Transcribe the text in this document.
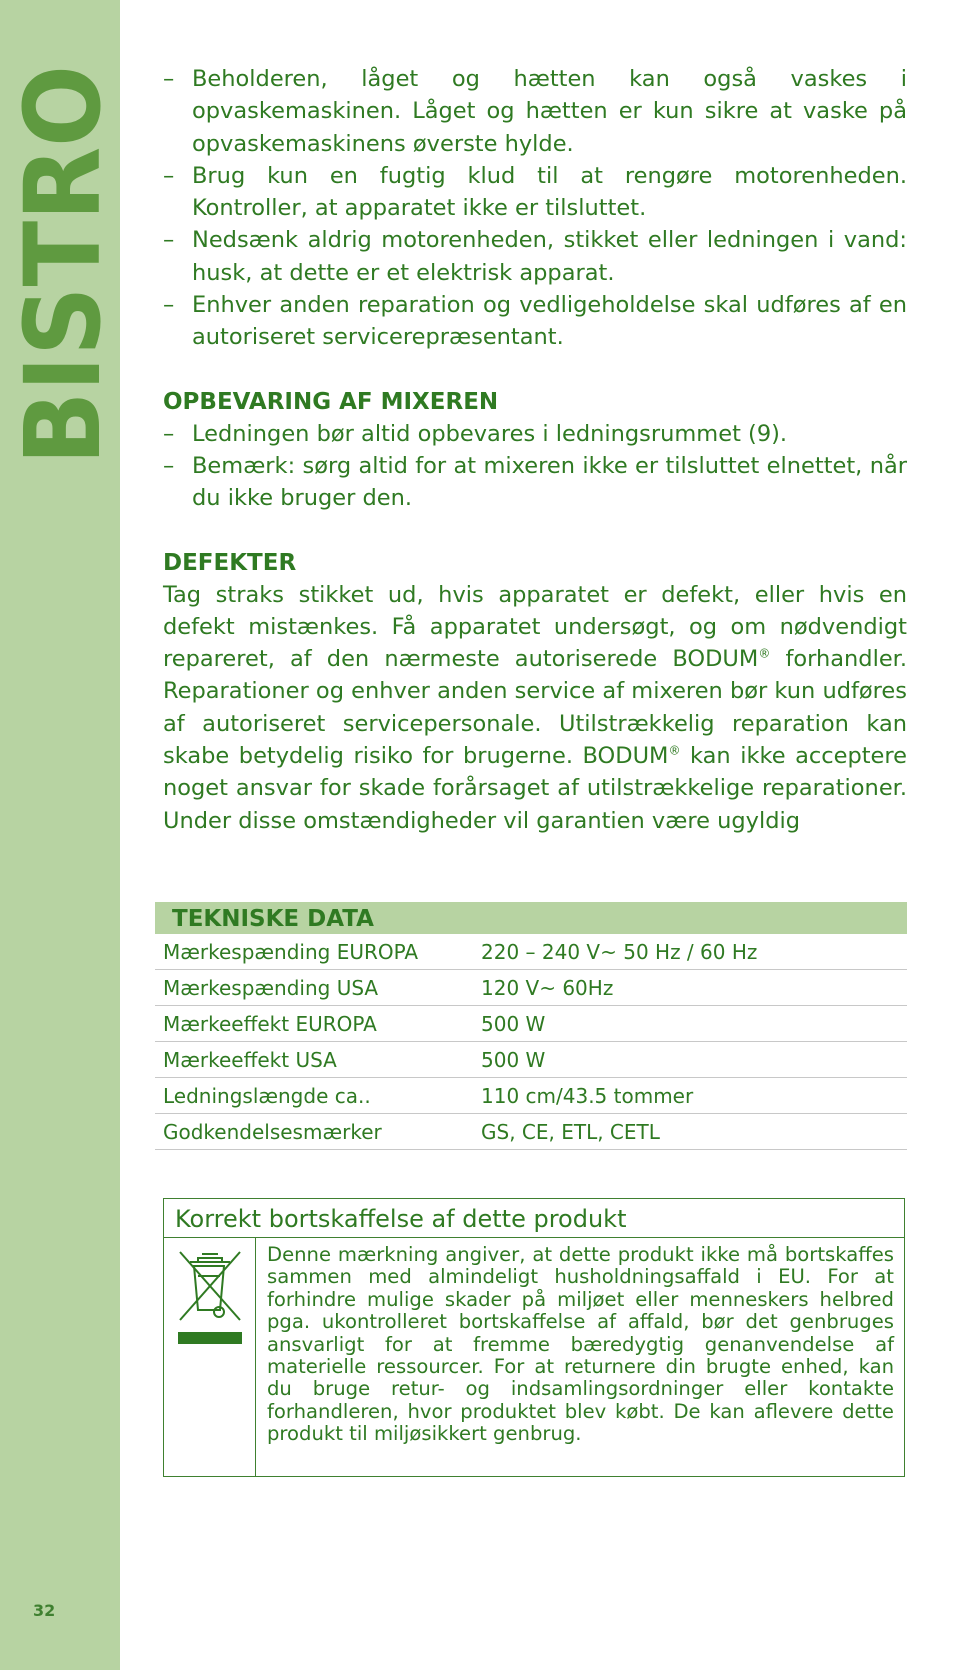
BISTRO
32
– Beholderen, låget og hætten kan også vaskes i opvaskemaskinen. Låget og hætten er kun sikre at vaske på opvaskemaskinens øverste hylde.
– Brug kun en fugtig klud til at rengøre motorenheden. Kontroller, at apparatet ikke er tilsluttet.
– Nedsænk aldrig motorenheden, stikket eller ledningen i vand: husk, at dette er et elektrisk apparat.
– Enhver anden reparation og vedligeholdelse skal udføres af en autoriseret servicerepræsentant.
OPBEVARING AF MIXEREN
– Ledningen bør altid opbevares i ledningsrummet (9).
– Bemærk: sørg altid for at mixeren ikke er tilsluttet elnettet, når du ikke bruger den.
DEFEKTER

Tag straks stikket ud, hvis apparatet er defekt, eller hvis en defekt mistænkes. Få apparatet undersøgt, og om nødvendigt repareret, af den nærmeste autoriserede BODUM® forhandler. Reparationer og enhver anden service af mixeren bør kun udføres af autoriseret servicepersonale. Utilstrækkelig reparation kan skabe betydelig risiko for brugerne. BODUM® kan ikke acceptere noget ansvar for skade forårsaget af utilstrækkelige reparationer. Under disse omstændigheder vil garantien være ugyldig

TEKNISKE DATA
Mærkespænding EUROPA	220 – 240 V~ 50 Hz / 60 Hz
Mærkespænding USA	120 V~ 60Hz
Mærkeeffekt EUROPA	500 W
Mærkeeffekt USA	500 W
Ledningslængde ca..	110 cm/43.5 tommer
Godkendelsesmærker	GS, CE, ETL, CETL
Korrekt bortskaffelse af dette produkt
Denne mærkning angiver, at dette produkt ikke må bortskaffes sammen med almindeligt husholdningsaffald i EU. For at forhindre mulige skader på miljøet eller menneskers helbred pga. ukontrolleret bortskaffelse af affald, bør det genbruges ansvarligt for at fremme bæredygtig genanvendelse af materielle ressourcer. For at returnere din brugte enhed, kan du bruge retur- og indsamlingsordninger eller kontakte forhandleren, hvor produktet blev købt. De kan aflevere dette produkt til miljøsikkert genbrug.
